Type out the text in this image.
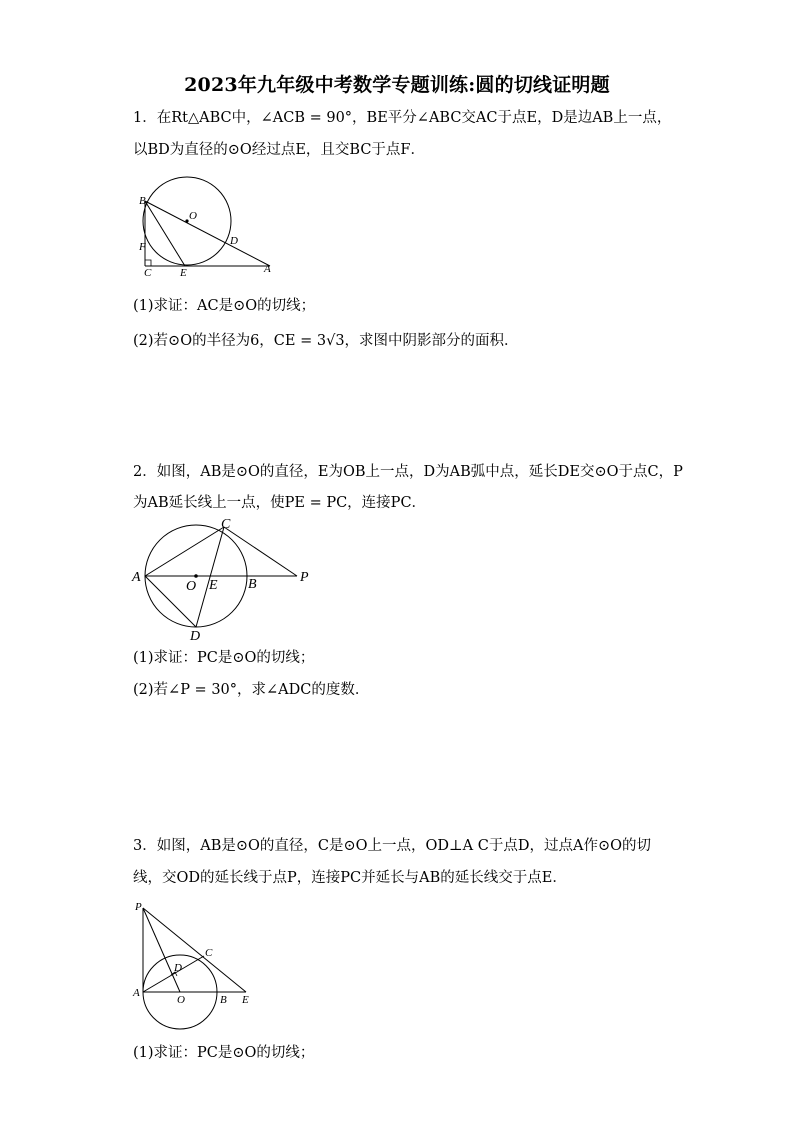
2023年九年级中考数学专题训练:圆的切线证明题
1．在Rt△ABC中，∠ACB = 90°，BE平分∠ABC交AC于点E，D是边AB上一点，
以BD为直径的⊙O经过点E，且交BC于点F．
B
O
F	D
C	E	A
(1)求证：AC是⊙O的切线；
(2)若⊙O的半径为6，CE = 3√3，求图中阴影部分的面积．
2．如图，AB是⊙O的直径，E为OB上一点，D为AB弧中点，延长DE交⊙O于点C，P
为AB延长线上一点，使PE = PC，连接PC．
C
A
O E B	P
D
(1)求证：PC是⊙O的切线；
(2)若∠P = 30°，求∠ADC的度数．
3．如图，AB是⊙O的直径，C是⊙O上一点，OD⊥A C于点D，过点A作⊙O的切
线，交OD的延长线于点P，连接PC并延长与AB的延长线交于点E．
P
C
D
A
O	B E
(1)求证：PC是⊙O的切线；
